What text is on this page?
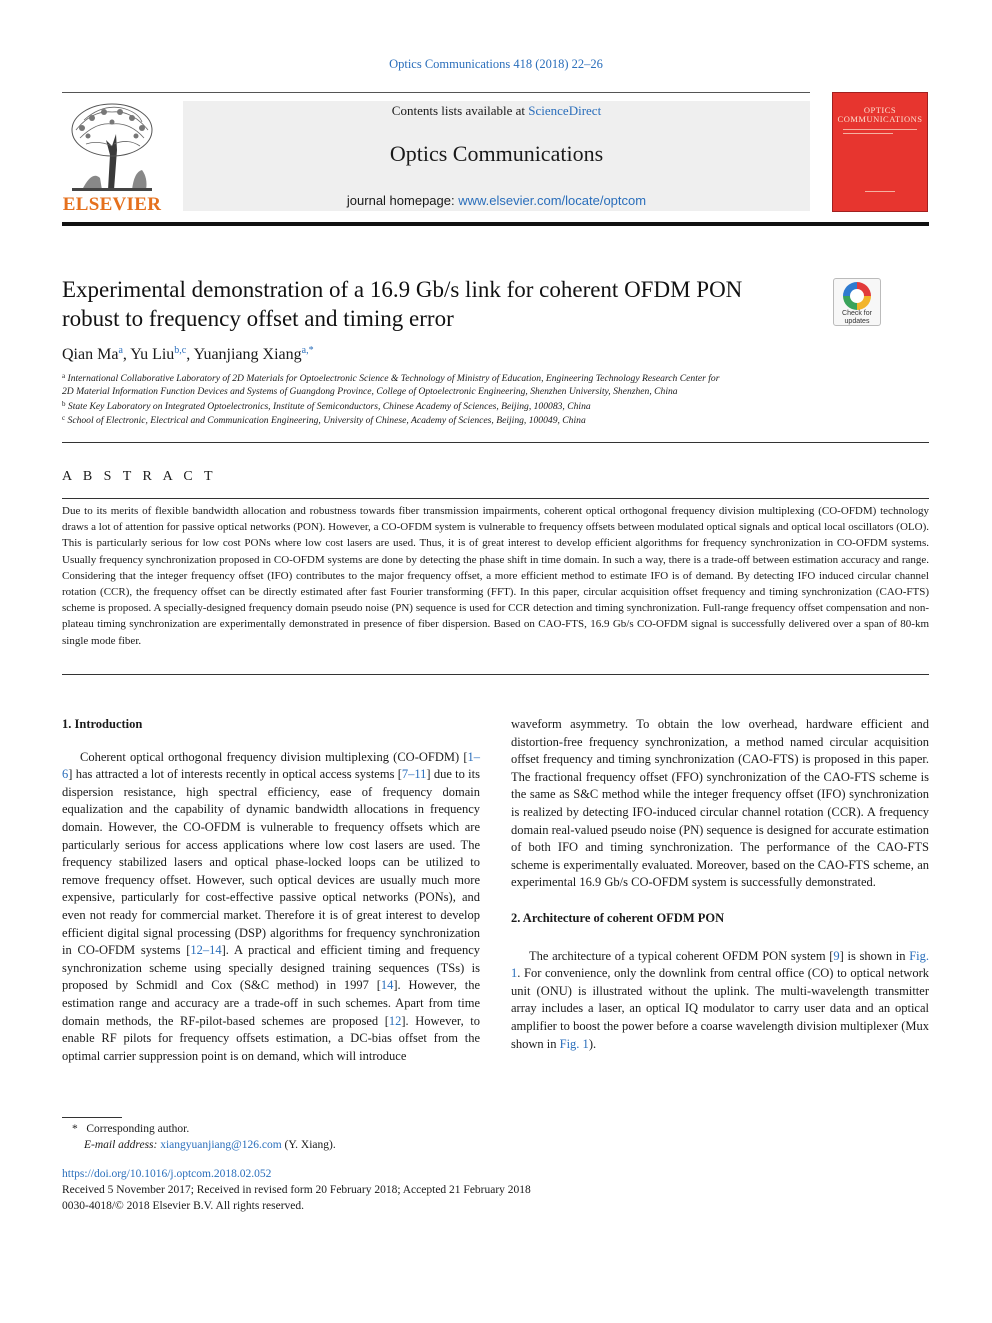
Optics Communications 418 (2018) 22–26
ELSEVIER
Contents lists available at ScienceDirect
Optics Communications
journal homepage: www.elsevier.com/locate/optcom
OPTICS
COMMUNICATIONS
Experimental demonstration of a 16.9 Gb/s link for coherent OFDM PON robust to frequency offset and timing error	Check for updates
Qian Ma$^a$, Yu Liu$^{b,c}$, Yuanjiang Xiang$^{a,*}$
$^a$ International Collaborative Laboratory of 2D Materials for Optoelectronic Science & Technology of Ministry of Education, Engineering Technology Research Center for
2D Material Information Function Devices and Systems of Guangdong Province, College of Optoelectronic Engineering, Shenzhen University, Shenzhen, China
$^b$ State Key Laboratory on Integrated Optoelectronics, Institute of Semiconductors, Chinese Academy of Sciences, Beijing, 100083, China
$^c$ School of Electronic, Electrical and Communication Engineering, University of Chinese, Academy of Sciences, Beijing, 100049, China
A B S T R A C T
Due to its merits of flexible bandwidth allocation and robustness towards fiber transmission impairments, coherent optical orthogonal frequency division multiplexing (CO-OFDM) technology draws a lot of attention for passive optical networks (PON). However, a CO-OFDM system is vulnerable to frequency offsets between modulated optical signals and optical local oscillators (OLO). This is particularly serious for low cost PONs where low cost lasers are used. Thus, it is of great interest to develop efficient algorithms for frequency synchronization in CO-OFDM systems. Usually frequency synchronization proposed in CO-OFDM systems are done by detecting the phase shift in time domain. In such a way, there is a trade-off between estimation accuracy and range. Considering that the integer frequency offset (IFO) contributes to the major frequency offset, a more efficient method to estimate IFO is of demand. By detecting IFO induced circular channel rotation (CCR), the frequency offset can be directly estimated after fast Fourier transforming (FFT). In this paper, circular acquisition offset frequency and timing synchronization (CAO-FTS) scheme is proposed. A specially-designed frequency domain pseudo noise (PN) sequence is used for CCR detection and timing synchronization. Full-range frequency offset compensation and non-plateau timing synchronization are experimentally demonstrated in presence of fiber dispersion. Based on CAO-FTS, 16.9 Gb/s CO-OFDM signal is successfully delivered over a span of 80-km single mode fiber.

1. Introduction

Coherent optical orthogonal frequency division multiplexing (CO-OFDM) [1–6] has attracted a lot of interests recently in optical access systems [7–11] due to its dispersion resistance, high spectral efficiency, ease of frequency domain equalization and the capability of dynamic bandwidth allocations in frequency domain. However, the CO-OFDM is vulnerable to frequency offsets which are particularly serious for access applications where low cost lasers are used. The frequency stabilized lasers and optical phase-locked loops can be utilized to remove frequency offset. However, such optical devices are usually much more expensive, particularly for cost-effective passive optical networks (PONs), and even not ready for commercial market. Therefore it is of great interest to develop efficient digital signal processing (DSP) algorithms for frequency synchronization in CO-OFDM systems [12–14]. A practical and efficient timing and frequency synchronization scheme using specially designed training sequences (TSs) is proposed by Schmidl and Cox (S&C method) in 1997 [14]. However, the estimation range and accuracy are a trade-off in such schemes. Apart from time domain methods, the RF-pilot-based schemes are proposed [12]. However, to enable RF pilots for frequency offsets estimation, a DC-bias offset from the optimal carrier suppression point is on demand, which will introduce

waveform asymmetry. To obtain the low overhead, hardware efficient and distortion-free frequency synchronization, a method named circular acquisition offset frequency and timing synchronization (CAO-FTS) is proposed in this paper. The fractional frequency offset (FFO) synchronization of the CAO-FTS scheme is the same as S&C method while the integer frequency offset (IFO) synchronization is realized by detecting IFO-induced circular channel rotation (CCR). A frequency domain real-valued pseudo noise (PN) sequence is designed for accurate estimation of both IFO and timing synchronization. The performance of the CAO-FTS scheme is experimentally evaluated. Moreover, based on the CAO-FTS scheme, an experimental 16.9 Gb/s CO-OFDM system is successfully demonstrated.

2. Architecture of coherent OFDM PON

The architecture of a typical coherent OFDM PON system [9] is shown in Fig. 1. For convenience, only the downlink from central office (CO) to optical network unit (ONU) is illustrated without the uplink. The multi-wavelength transmitter array includes a laser, an optical IQ modulator to carry user data and an optical amplifier to boost the power before a coarse wavelength division multiplexer (Mux shown in Fig. 1).

* Corresponding author.
E-mail address: xiangyuanjiang@126.com (Y. Xiang).
https://doi.org/10.1016/j.optcom.2018.02.052
Received 5 November 2017; Received in revised form 20 February 2018; Accepted 21 February 2018
0030-4018/© 2018 Elsevier B.V. All rights reserved.
